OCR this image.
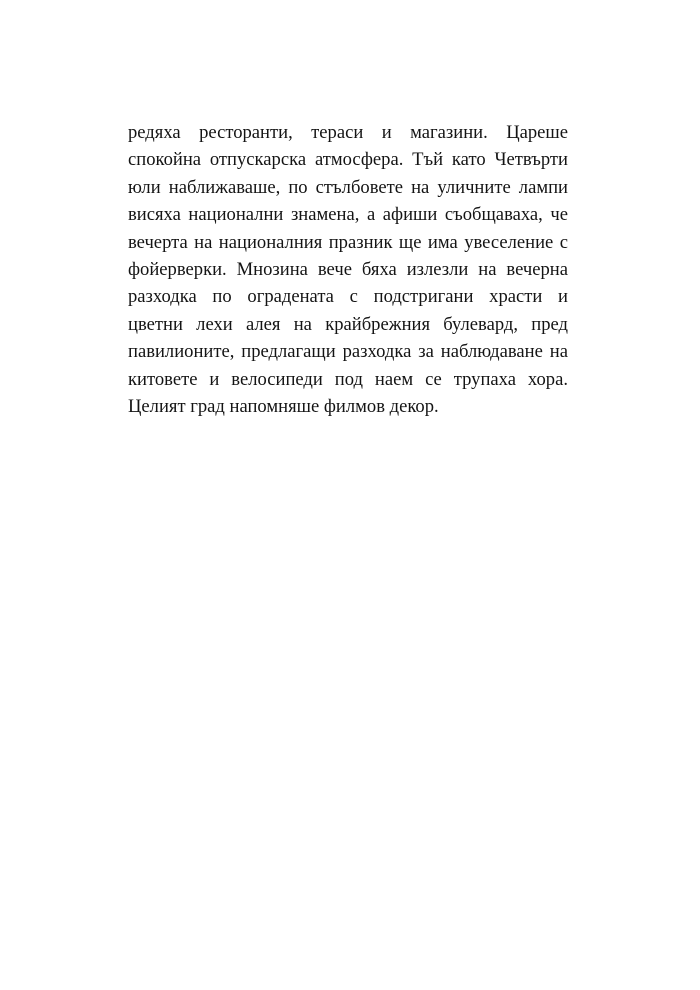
редяха ресторанти, тераси и магазини. Цареше
спокойна отпускарска атмосфера. Тъй като Четвърти
юли наближаваше, по стълбовете на уличните лампи
висяха национални знамена, а афиши съобщаваха, че
вечерта на националния празник ще има увеселение с
фойерверки. Мнозина вече бяха излезли на вечерна
разходка по оградената с подстригани храсти и
цветни лехи алея на крайбрежния булевард, пред
павилионите, предлагащи разходка за наблюдаване на
китовете и велосипеди под наем се трупаха хора.
Целият град напомняше филмов декор.
